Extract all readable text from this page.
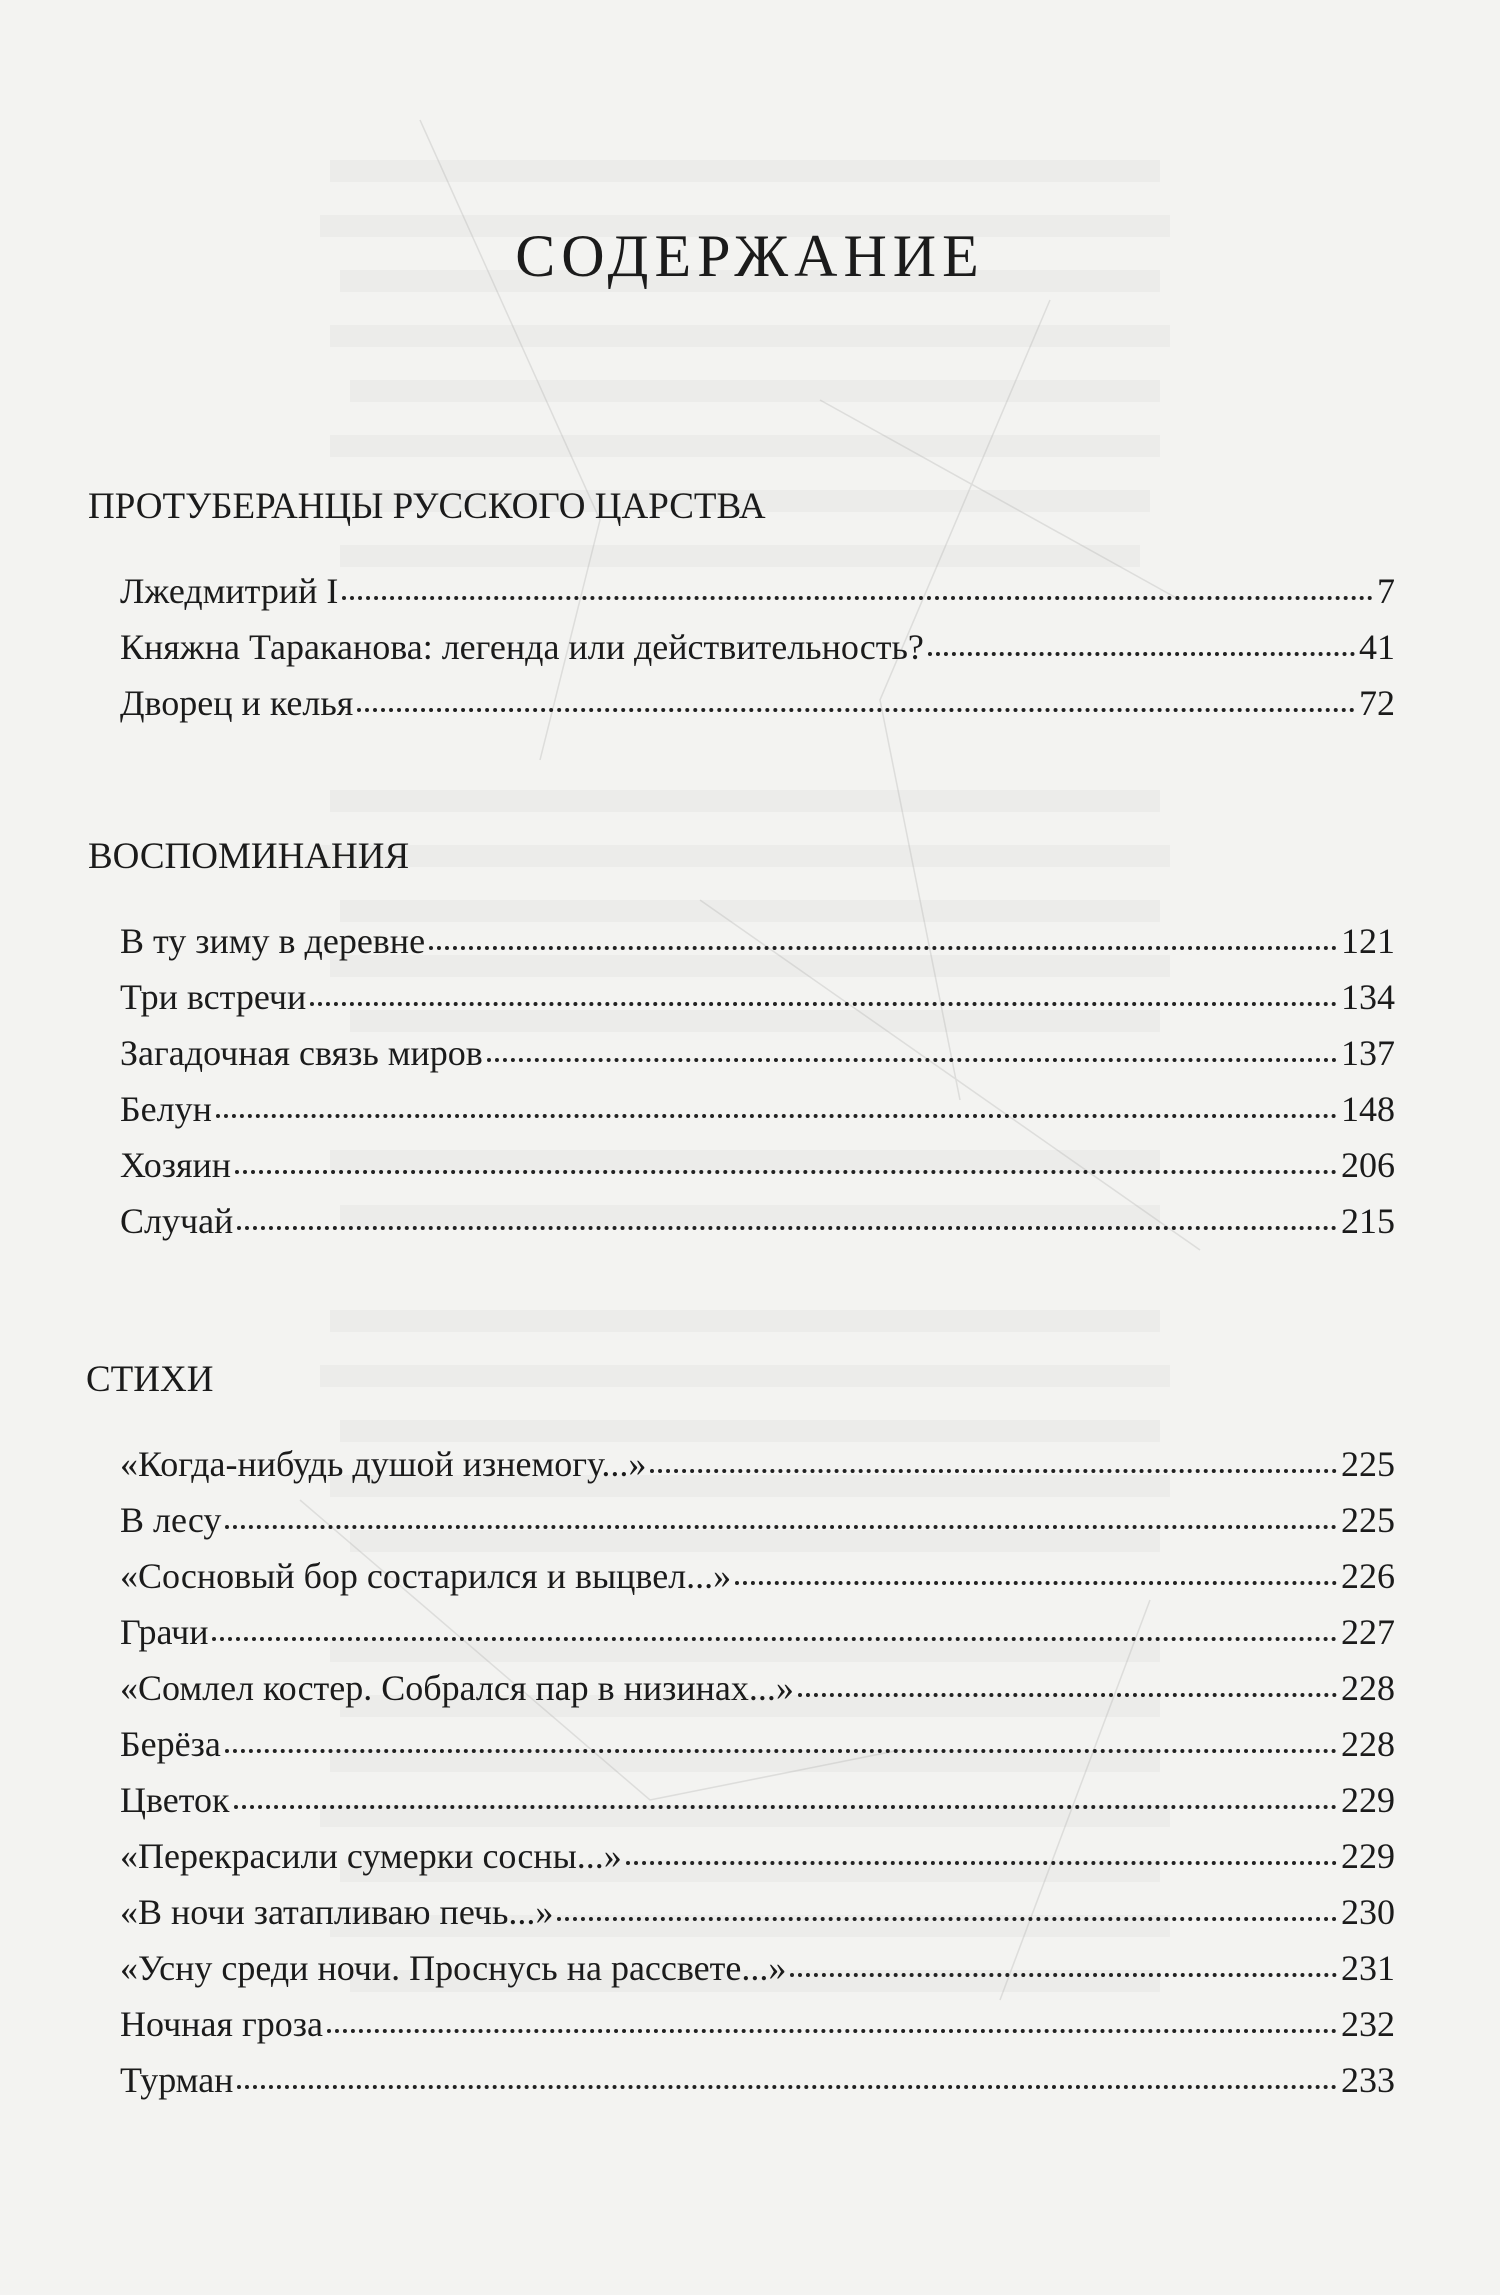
СОДЕРЖАНИЕ
ПРОТУБЕРАНЦЫ РУССКОГО ЦАРСТВА
Лжедмитрий I	7
Княжна Тараканова: легенда или действительность?	41
Дворец и келья	72
ВОСПОМИНАНИЯ
В ту зиму в деревне	121
Три встречи	134
Загадочная связь миров	137
Белун	148
Хозяин	206
Случай	215
СТИХИ
«Когда-нибудь душой изнемогу...»	225
В лесу	225
«Сосновый бор состарился и выцвел...»	226
Грачи	227
«Сомлел костер. Собрался пар в низинах...»	228
Берёза	228
Цветок	229
«Перекрасили сумерки сосны...»	229
«В ночи затапливаю печь...»	230
«Усну среди ночи. Проснусь на рассвете...»	231
Ночная гроза	232
Турман	233
